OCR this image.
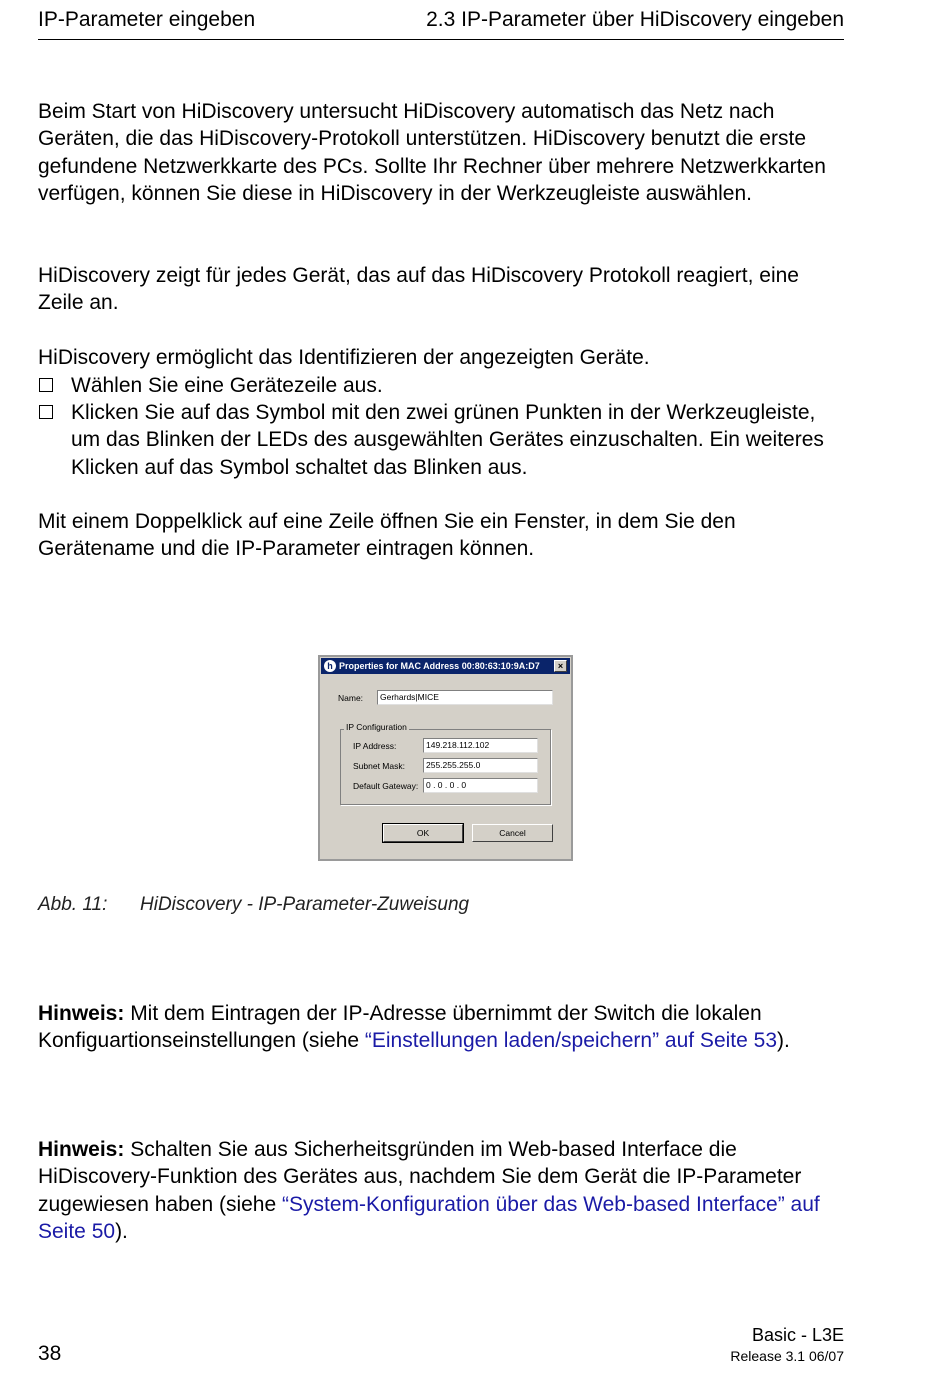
IP-Parameter eingeben	2.3 IP-Parameter über HiDiscovery eingeben

Beim Start von HiDiscovery untersucht HiDiscovery automatisch das Netz nach Geräten, die das HiDiscovery-Protokoll unterstützen. HiDiscovery benutzt die erste gefundene Netzwerkkarte des PCs. Sollte Ihr Rechner über mehrere Netzwerkkarten verfügen, können Sie diese in HiDiscovery in der Werkzeugleiste auswählen.

HiDiscovery zeigt für jedes Gerät, das auf das HiDiscovery Protokoll reagiert, eine Zeile an.

HiDiscovery ermöglicht das Identifizieren der angezeigten Geräte.

Wählen Sie eine Gerätezeile aus.
Klicken Sie auf das Symbol mit den zwei grünen Punkten in der Werkzeugleiste, um das Blinken der LEDs des ausgewählten Gerätes einzuschalten. Ein weiteres Klicken auf das Symbol schaltet das Blinken aus.

Mit einem Doppelklick auf eine Zeile öffnen Sie ein Fenster, in dem Sie den Gerätename und die IP-Parameter eintragen können.

h Properties for MAC Address 00:80:63:10:9A:D7	×
Name:	Gerhards|MICE
IP Configuration
IP Address:	149.218.112.102
Subnet Mask:	255.255.255.0
Default Gateway: 0 . 0 . 0 . 0
OK	Cancel
Abb. 11: HiDiscovery - IP-Parameter-Zuweisung

Hinweis: Mit dem Eintragen der IP-Adresse übernimmt der Switch die lokalen Konfiguartionseinstellungen (siehe “Einstellungen laden/speichern” auf Seite 53).

Hinweis: Schalten Sie aus Sicherheitsgründen im Web-based Interface die HiDiscovery-Funktion des Gerätes aus, nachdem Sie dem Gerät die IP-Parameter zugewiesen haben (siehe “System-Konfiguration über das Web-based Interface” auf Seite 50).

Basic - L3E
Release 3.1 06/07
38
